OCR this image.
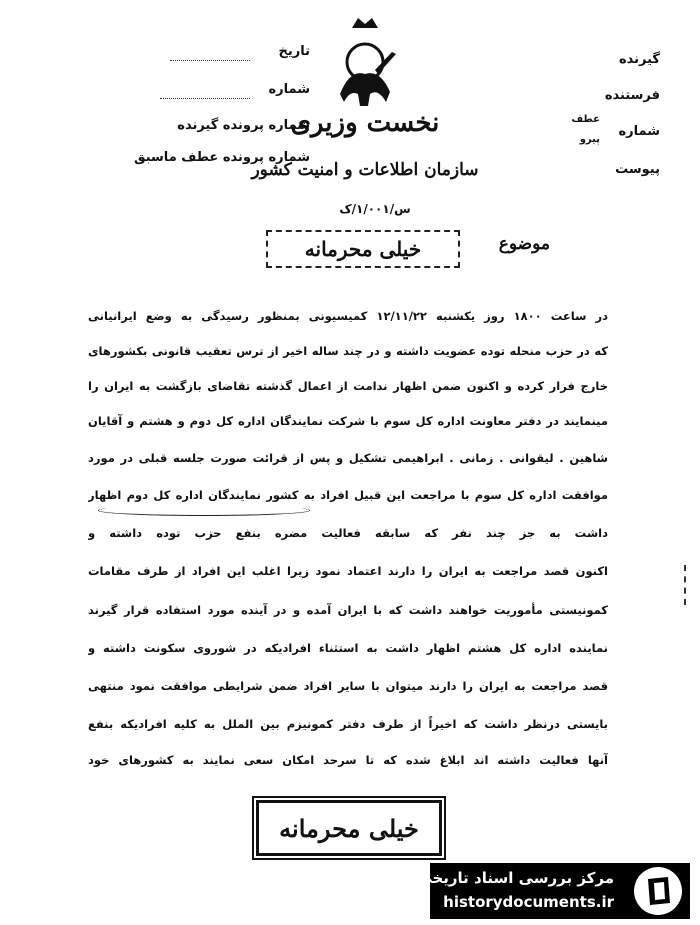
تاریخ
شماره
شماره پرونده گیرنده
شماره پرونده عطف ماسبق
گیرنده
فرستنده
شماره
عطف
پیرو
پیوست
نخست وزیری
سازمان اطلاعات و امنیت کشور
س/۱/۰۰۱/ک
موضوع
خیلی محرمانه
در ساعت ۱۸۰۰ روز یکشنبه ۱۲/۱۱/۲۲ کمیسیونی بمنظور رسیدگی به وضع ایرانیانی
که در حزب منحله توده عضویت داشته و در چند ساله اخیر از ترس تعقیب قانونی بکشورهای
خارج فرار کرده و اکنون ضمن اظهار ندامت از اعمال گذشته تقاضای بازگشت به ایران را
مینمایند در دفتر معاونت اداره کل سوم با شرکت نمایندگان اداره کل دوم و هشتم و آقایان
شاهین . لیقوانی . زمانی . ابراهیمی تشکیل و پس از قرائت صورت جلسه قبلی در مورد
موافقت اداره کل سوم با مراجعت این قبیل افراد به کشور نمایندگان اداره کل دوم اظهار
داشت به جز چند نفر که سابقه فعالیت مضره بنفع حزب توده داشته و
اکنون قصد مراجعت به ایران را دارند اعتماد نمود زیرا اغلب این افراد از طرف مقامات
کمونیستی مأموریت خواهند داشت که با ایران آمده و در آینده مورد استفاده قرار گیرند
نماینده اداره کل هشتم اظهار داشت به استثناء افرادیکه در شوروی سکونت داشته و
قصد مراجعت به ایران را دارند میتوان با سایر افراد ضمن شرایطی موافقت نمود منتهی
بایستی درنظر داشت که اخیراً از طرف دفتر کمونیزم بین الملل به کلیه افرادیکه بنفع
آنها فعالیت داشته اند ابلاغ شده که تا سرحد امکان سعی نمایند به کشورهای خود
خیلی محرمانه
مرکز بررسی اسناد تاریخی
historydocuments.ir
